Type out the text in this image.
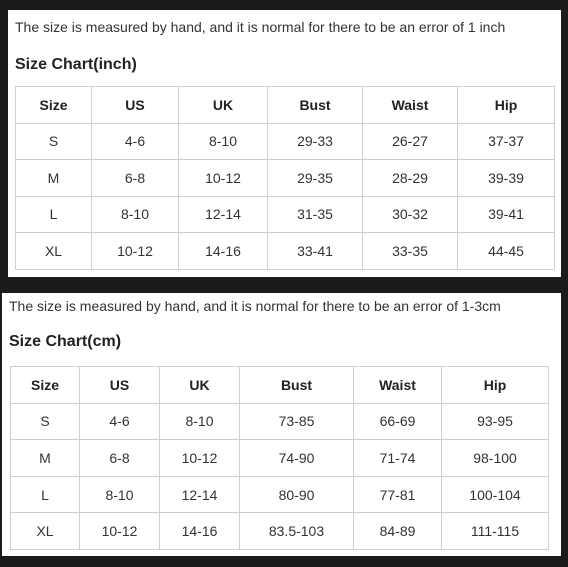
The size is measured by hand, and it is normal for there to be an error of 1 inch
Size Chart(inch)
Size	US	UK	Bust	Waist	Hip
S	4-6	8-10	29-33	26-27	37-37
M	6-8	10-12	29-35	28-29	39-39
L	8-10	12-14	31-35	30-32	39-41
XL	10-12	14-16	33-41	33-35	44-45
The size is measured by hand, and it is normal for there to be an error of 1-3cm
Size Chart(cm)
Size	US	UK	Bust	Waist	Hip
S	4-6	8-10	73-85	66-69	93-95
M	6-8	10-12	74-90	71-74	98-100
L	8-10	12-14	80-90	77-81	100-104
XL	10-12	14-16	83.5-103	84-89	111-115
